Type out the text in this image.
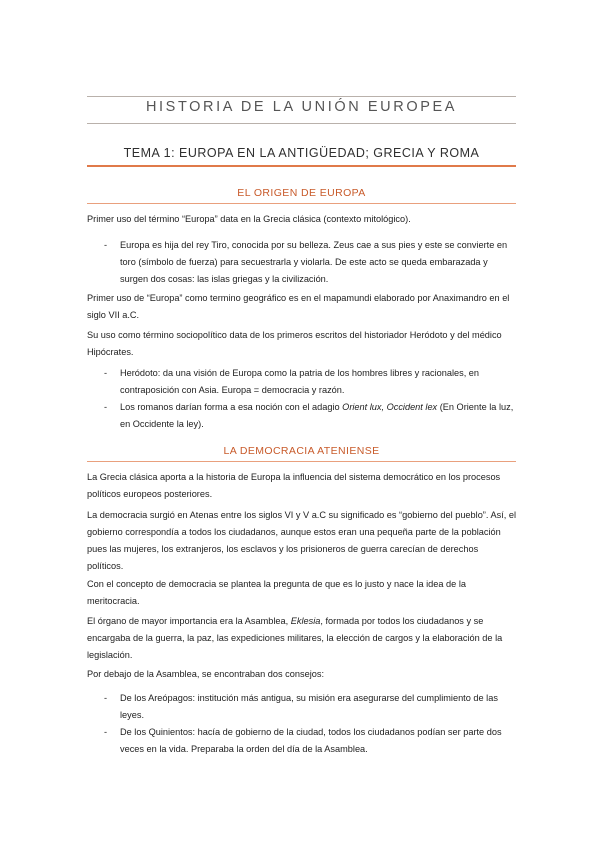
HISTORIA DE LA UNIÓN EUROPEA
TEMA 1: EUROPA EN LA ANTIGÜEDAD; GRECIA Y ROMA
EL ORIGEN DE EUROPA

Primer uso del término “Europa” data en la Grecia clásica (contexto mitológico).

- Europa es hija del rey Tiro, conocida por su belleza. Zeus cae a sus pies y este se convierte en toro (símbolo de fuerza) para secuestrarla y violarla. De este acto se queda embarazada y surgen dos cosas: las islas griegas y la civilización.

Primer uso de “Europa” como termino geográfico es en el mapamundi elaborado por Anaximandro en el siglo VII a.C.

Su uso como término sociopolítico data de los primeros escritos del historiador Heródoto y del médico Hipócrates.

- Heródoto: da una visión de Europa como la patria de los hombres libres y racionales, en contraposición con Asia. Europa = democracia y razón.
- Los romanos darían forma a esa noción con el adagio Orient lux, Occident lex (En Oriente la luz, en Occidente la ley).
LA DEMOCRACIA ATENIENSE

La Grecia clásica aporta a la historia de Europa la influencia del sistema democrático en los procesos políticos europeos posteriores.

La democracia surgió en Atenas entre los siglos VI y V a.C su significado es “gobierno del pueblo”. Así, el gobierno correspondía a todos los ciudadanos, aunque estos eran una pequeña parte de la población pues las mujeres, los extranjeros, los esclavos y los prisioneros de guerra carecían de derechos políticos.

Con el concepto de democracia se plantea la pregunta de que es lo justo y nace la idea de la meritocracia.

El órgano de mayor importancia era la Asamblea, Eklesia, formada por todos los ciudadanos y se encargaba de la guerra, la paz, las expediciones militares, la elección de cargos y la elaboración de la legislación.

Por debajo de la Asamblea, se encontraban dos consejos:

- De los Areópagos: institución más antigua, su misión era asegurarse del cumplimiento de las leyes.
- De los Quinientos: hacía de gobierno de la ciudad, todos los ciudadanos podían ser parte dos veces en la vida. Preparaba la orden del día de la Asamblea.
